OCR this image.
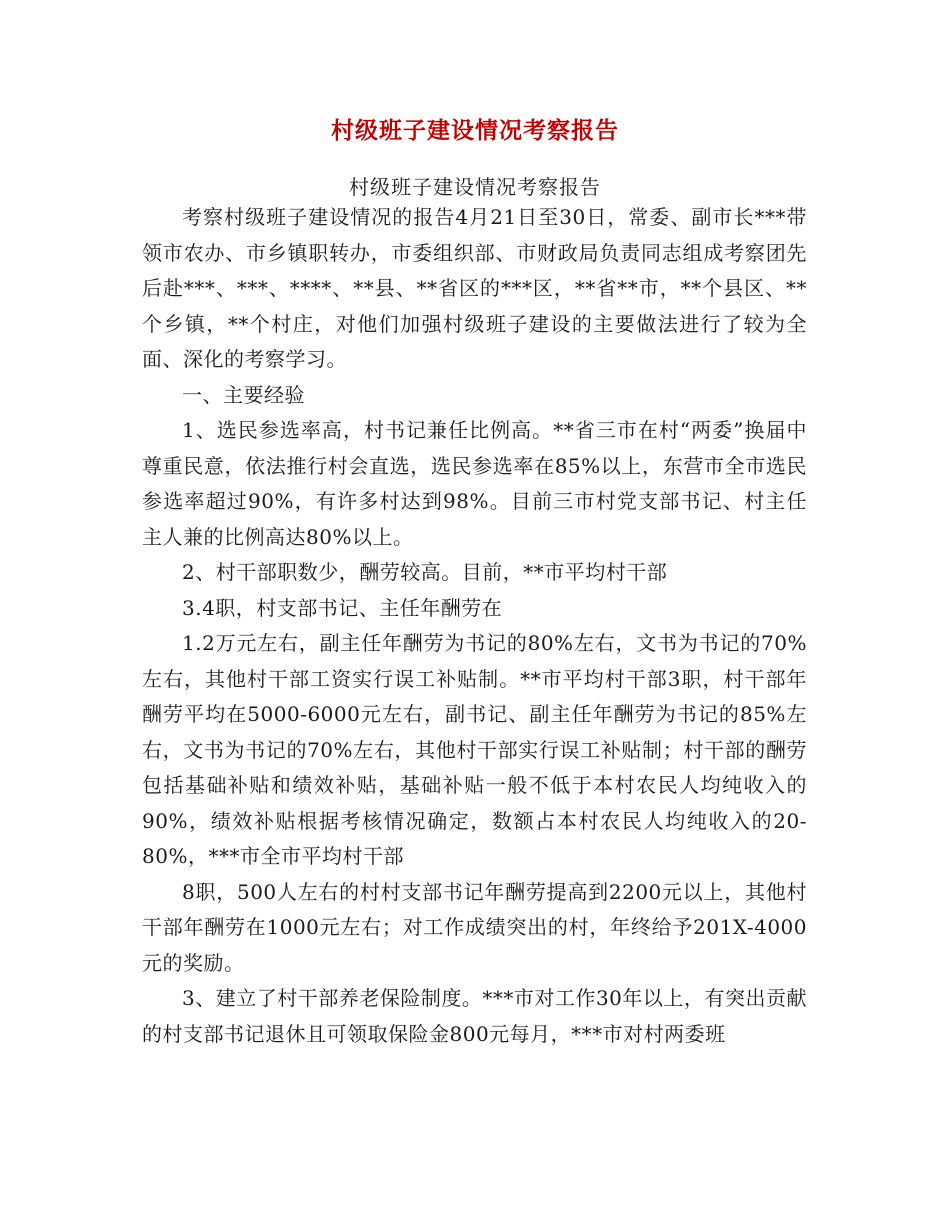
村级班子建设情况考察报告
村级班子建设情况考察报告

考察村级班子建设情况的报告4月21日至30日，常委、副市长***带领市农办、市乡镇职转办，市委组织部、市财政局负责同志组成考察团先后赴***、***、****、**县、**省区的***区，**省**市，**个县区、**个乡镇，**个村庄，对他们加强村级班子建设的主要做法进行了较为全面、深化的考察学习。

一、主要经验

1、选民参选率高，村书记兼任比例高。**省三市在村“两委”换届中尊重民意，依法推行村会直选，选民参选率在85%以上，东营市全市选民参选率超过90%，有许多村达到98%。目前三市村党支部书记、村主任主人兼的比例高达80%以上。

2、村干部职数少，酬劳较高。目前，**市平均村干部

3.4职，村支部书记、主任年酬劳在

1.2万元左右，副主任年酬劳为书记的80%左右，文书为书记的70%左右，其他村干部工资实行误工补贴制。**市平均村干部3职，村干部年酬劳平均在5000-6000元左右，副书记、副主任年酬劳为书记的85%左右，文书为书记的70%左右，其他村干部实行误工补贴制；村干部的酬劳包括基础补贴和绩效补贴，基础补贴一般不低于本村农民人均纯收入的90%，绩效补贴根据考核情况确定，数额占本村农民人均纯收入的20-80%，***市全市平均村干部

8职，500人左右的村村支部书记年酬劳提高到2200元以上，其他村干部年酬劳在1000元左右；对工作成绩突出的村，年终给予201X-4000元的奖励。

3、建立了村干部养老保险制度。***市对工作30年以上，有突出贡献的村支部书记退休且可领取保险金800元每月，***市对村两委班
